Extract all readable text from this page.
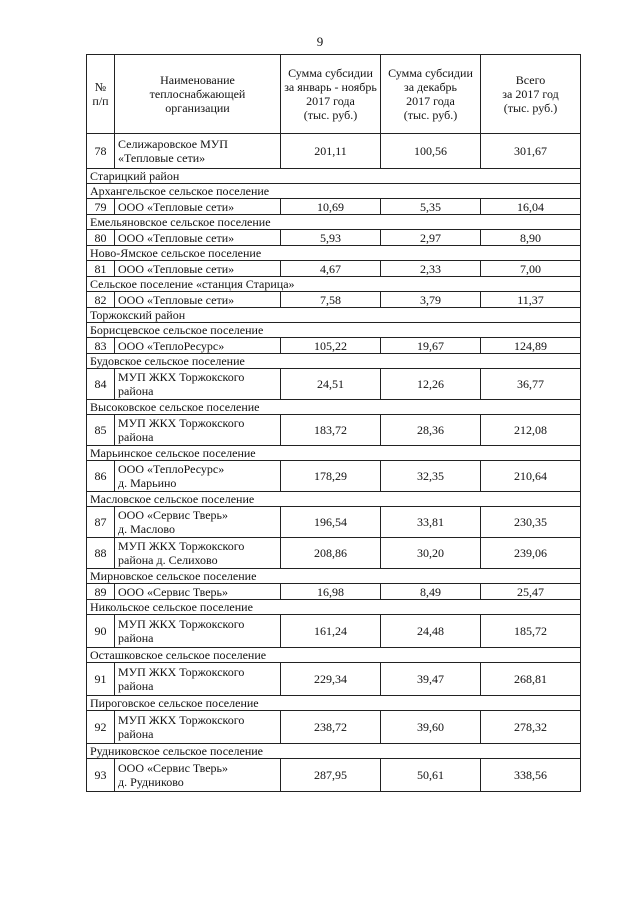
9
№
п/п	Наименование
теплоснабжающей
организации	Сумма субсидии
за январь - ноябрь
2017 года
(тыс. руб.)	Сумма субсидии
за декабрь
2017 года
(тыс. руб.)	Всего
за 2017 год
(тыс. руб.)
78	Селижаровское МУП
«Тепловые сети»	201,11	100,56	301,67
Старицкий район				
Архангельское сельское поселение				
79	ООО «Тепловые сети»	10,69	5,35	16,04
Емельяновское сельское поселение				
80	ООО «Тепловые сети»	5,93	2,97	8,90
Ново-Ямское сельское поселение				
81	ООО «Тепловые сети»	4,67	2,33	7,00
Сельское поселение «станция Старица»				
82	ООО «Тепловые сети»	7,58	3,79	11,37
Торжокский район				
Борисцевское сельское поселение				
83	ООО «ТеплоРесурс»	105,22	19,67	124,89
Будовское сельское поселение				
84	МУП ЖКХ Торжокского
района	24,51	12,26	36,77
Высоковское сельское поселение				
85	МУП ЖКХ Торжокского
района	183,72	28,36	212,08
Марьинское сельское поселение				
86	ООО «ТеплоРесурс»
д. Марьино	178,29	32,35	210,64
Масловское сельское поселение				
87	ООО «Сервис Тверь»
д. Маслово	196,54	33,81	230,35
88	МУП ЖКХ Торжокского
района д. Селихово	208,86	30,20	239,06
Мирновское сельское поселение				
89	ООО «Сервис Тверь»	16,98	8,49	25,47
Никольское сельское поселение				
90	МУП ЖКХ Торжокского
района	161,24	24,48	185,72
Осташковское сельское поселение				
91	МУП ЖКХ Торжокского
района	229,34	39,47	268,81
Пироговское сельское поселение				
92	МУП ЖКХ Торжокского
района	238,72	39,60	278,32
Рудниковское сельское поселение				
93	ООО «Сервис Тверь»
д. Рудниково	287,95	50,61	338,56
